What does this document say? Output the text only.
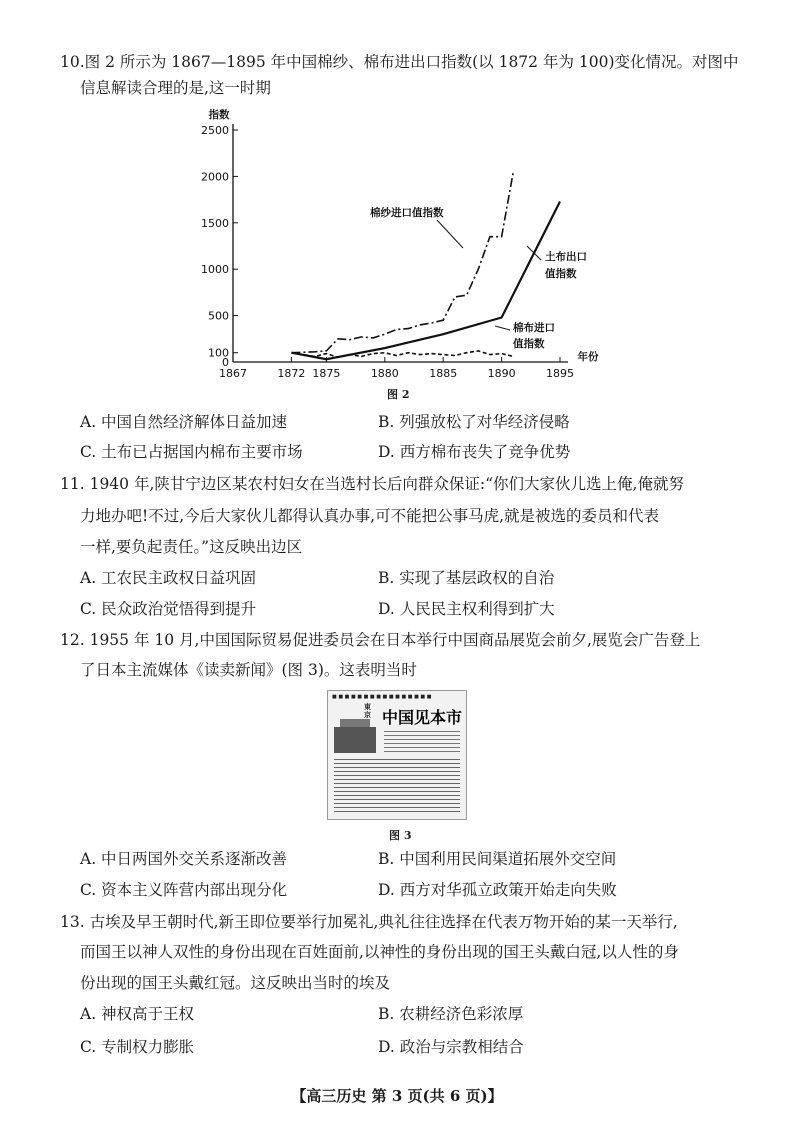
10.图 2 所示为 1867—1895 年中国棉纱、棉布进出口指数(以 1872 年为 100)变化情况。对图中
信息解读合理的是,这一时期
0
100
500
1000
1500
2000
2500
1867	1872 1875	1880	1885	1890	1895
指数
年份
棉纱进口值指数
土布出口
值指数
棉布进口
值指数
图 2
A. 中国自然经济解体日益加速	B. 列强放松了对华经济侵略
C. 土布已占据国内棉布主要市场	D. 西方棉布丧失了竞争优势
11. 1940 年,陕甘宁边区某农村妇女在当选村长后向群众保证:“你们大家伙儿选上俺,俺就努
力地办吧!不过,今后大家伙儿都得认真办事,可不能把公事马虎,就是被选的委员和代表
一样,要负起责任。”这反映出边区
A. 工农民主政权日益巩固	B. 实现了基层政权的自治
C. 民众政治觉悟得到提升	D. 人民民主权利得到扩大
12. 1955 年 10 月,中国国际贸易促进委员会在日本举行中国商品展览会前夕,展览会广告登上
了日本主流媒体《读卖新闻》(图 3)。这表明当时
■ ■ ■ ■ ■ ■ ■ ■ ■ ■ ■ ■ ■ ■ ■ ■
東京 中国见本市
图 3
A. 中日两国外交关系逐渐改善	B. 中国利用民间渠道拓展外交空间
C. 资本主义阵营内部出现分化	D. 西方对华孤立政策开始走向失败
13. 古埃及早王朝时代,新王即位要举行加冕礼,典礼往往选择在代表万物开始的某一天举行,
而国王以神人双性的身份出现在百姓面前,以神性的身份出现的国王头戴白冠,以人性的身
份出现的国王头戴红冠。这反映出当时的埃及
A. 神权高于王权	B. 农耕经济色彩浓厚
C. 专制权力膨胀	D. 政治与宗教相结合
【高三历史 第 3 页(共 6 页)】
